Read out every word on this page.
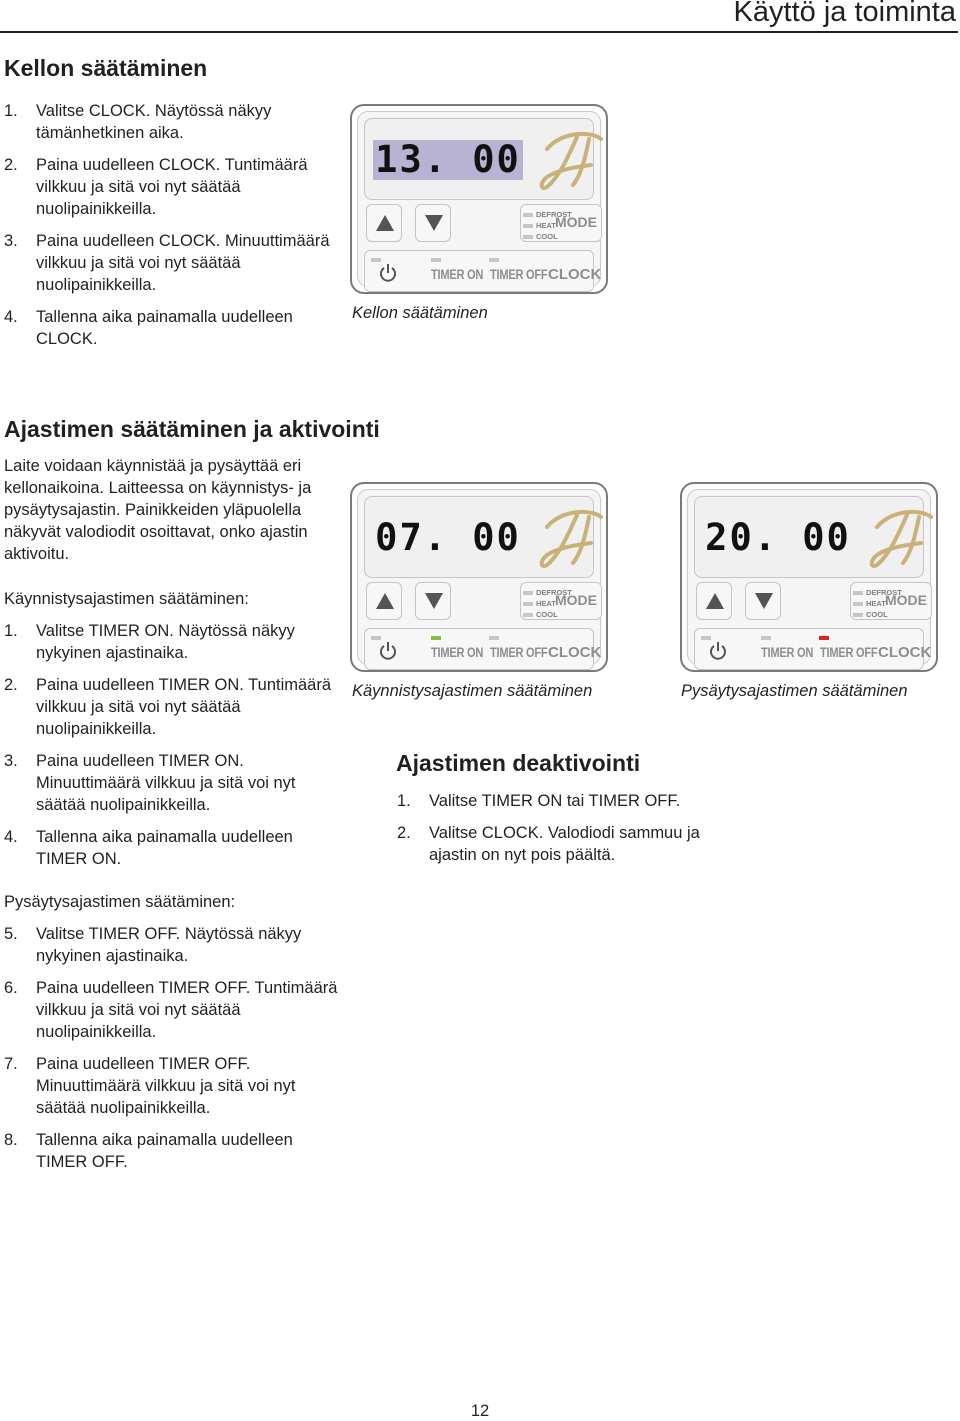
Käyttö ja toiminta
Kellon säätäminen
1. Valitse CLOCK. Näytössä näkyy tämänhetkinen aika.
2. Paina uudelleen CLOCK. Tuntimäärä vilkkuu ja sitä voi nyt säätää nuolipainikkeilla.
3. Paina uudelleen CLOCK. Minuuttimäärä vilkkuu ja sitä voi nyt säätää nuolipainikkeilla.
4. Tallenna aika painamalla uudelleen CLOCK.
13. 00
DEFROST
HEAT
COOL
MODE
TIMER ON TIMER OFF CLOCK
Kellon säätäminen
Ajastimen säätäminen ja aktivointi

Laite voidaan käynnistää ja pysäyttää eri kellonaikoina. Laitteessa on käynnistys- ja pysäytysajastin. Painikkeiden yläpuolella näkyvät valodiodit osoittavat, onko ajastin aktivoitu.

Käynnistysajastimen säätäminen:
1. Valitse TIMER ON. Näytössä näkyy nykyinen ajastinaika.
2. Paina uudelleen TIMER ON. Tuntimäärä vilkkuu ja sitä voi nyt säätää nuolipainikkeilla.
3. Paina uudelleen TIMER ON. Minuuttimäärä vilkkuu ja sitä voi nyt säätää nuolipainikkeilla.
4. Tallenna aika painamalla uudelleen TIMER ON.
07. 00
DEFROST
HEAT
COOL
MODE
TIMER ON TIMER OFF CLOCK
Käynnistysajastimen säätäminen
20. 00
DEFROST
HEAT
COOL
MODE
TIMER ON TIMER OFF CLOCK
Pysäytysajastimen säätäminen
Ajastimen deaktivointi
1. Valitse TIMER ON tai TIMER OFF.
2. Valitse CLOCK. Valodiodi sammuu ja ajastin on nyt pois päältä.
Pysäytysajastimen säätäminen:
5. Valitse TIMER OFF. Näytössä näkyy nykyinen ajastinaika.
6. Paina uudelleen TIMER OFF. Tuntimäärä vilkkuu ja sitä voi nyt säätää nuolipainikkeilla.
7. Paina uudelleen TIMER OFF. Minuuttimäärä vilkkuu ja sitä voi nyt säätää nuolipainikkeilla.
8. Tallenna aika painamalla uudelleen TIMER OFF.
12
